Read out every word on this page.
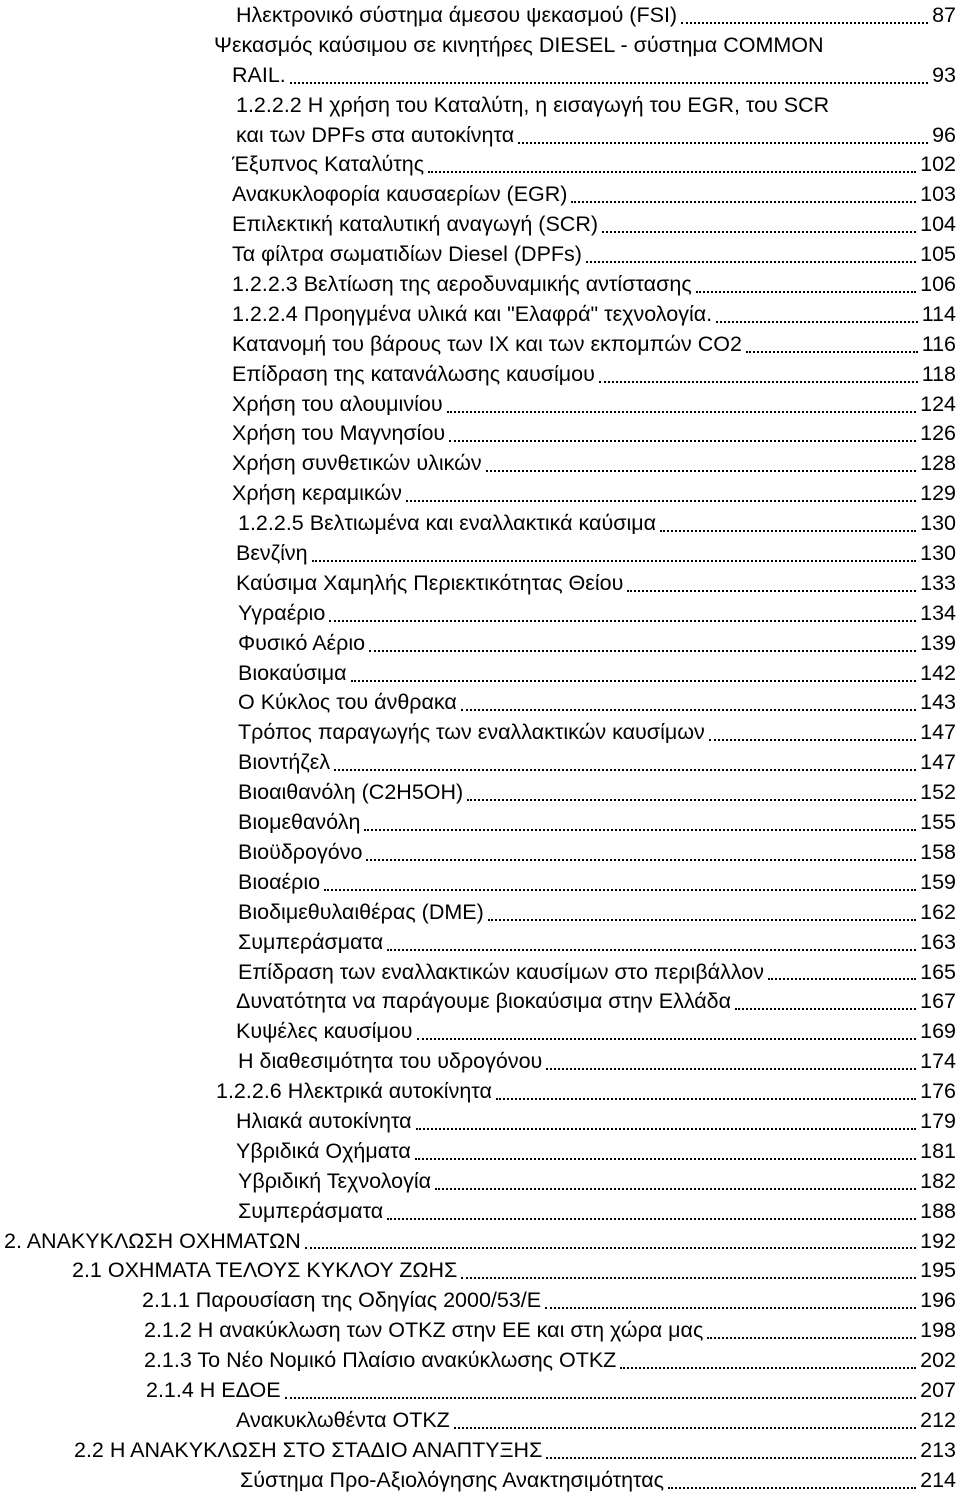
Ηλεκτρονικό σύστημα άμεσου ψεκασμού (FSI)	87
Ψεκασμός καύσιμου σε κινητήρες DIESEL - σύστημα COMMON
RAIL.	93
1.2.2.2 Η χρήση του Καταλύτη, η εισαγωγή του EGR, του SCR
και των DPFs στα αυτοκίνητα	96
Έξυπνος Καταλύτης	102
Ανακυκλοφορία καυσαερίων (EGR)	103
Επιλεκτική καταλυτική αναγωγή (SCR)	104
Τα φίλτρα σωματιδίων Diesel (DPFs)	105
1.2.2.3 Βελτίωση της αεροδυναμικής αντίστασης	106
1.2.2.4 Προηγμένα υλικά και "Ελαφρά" τεχνολογία.	114
Κατανομή του βάρους των ΙΧ και των εκπομπών CO2	116
Επίδραση της κατανάλωσης καυσίμου	118
Χρήση του αλουμινίου	124
Χρήση του Μαγνησίου	126
Χρήση συνθετικών υλικών	128
Χρήση κεραμικών	129
1.2.2.5 Βελτιωμένα και εναλλακτικά καύσιμα	130
Βενζίνη	130
Καύσιμα Χαμηλής Περιεκτικότητας Θείου	133
Υγραέριο	134
Φυσικό Αέριο	139
Βιοκαύσιμα	142
Ο Κύκλος του άνθρακα	143
Τρόπος παραγωγής των εναλλακτικών καυσίμων	147
Βιοντήζελ	147
Βιοαιθανόλη (C2H5OH)	152
Βιομεθανόλη	155
Βιοϋδρογόνο	158
Βιοαέριο	159
Βιοδιμεθυλαιθέρας (DME)	162
Συμπεράσματα	163
Επίδραση των εναλλακτικών καυσίμων στο περιβάλλον	165
Δυνατότητα να παράγουμε βιοκαύσιμα στην Ελλάδα	167
Κυψέλες καυσίμου	169
Η διαθεσιμότητα του υδρογόνου	174
1.2.2.6 Ηλεκτρικά αυτοκίνητα	176
Ηλιακά αυτοκίνητα	179
Υβριδικά Οχήματα	181
Υβριδική Τεχνολογία	182
Συμπεράσματα	188
2. ΑΝΑΚΥΚΛΩΣΗ ΟΧΗΜΑΤΩΝ	192
2.1 ΟΧΗΜΑΤΑ ΤΕΛΟΥΣ ΚΥΚΛΟΥ ΖΩΗΣ	195
2.1.1 Παρουσίαση της Οδηγίας 2000/53/Ε	196
2.1.2 Η ανακύκλωση των ΟΤΚΖ στην ΕΕ και στη χώρα μας	198
2.1.3 Το Νέο Νομικό Πλαίσιο ανακύκλωσης ΟΤΚΖ	202
2.1.4 Η ΕΔΟΕ	207
Ανακυκλωθέντα ΟΤΚΖ	212
2.2 Η ΑΝΑΚΥΚΛΩΣΗ ΣΤΟ ΣΤΑΔΙΟ ΑΝΑΠΤΥΞΗΣ	213
Σύστημα Προ-Αξιολόγησης Ανακτησιμότητας	214
